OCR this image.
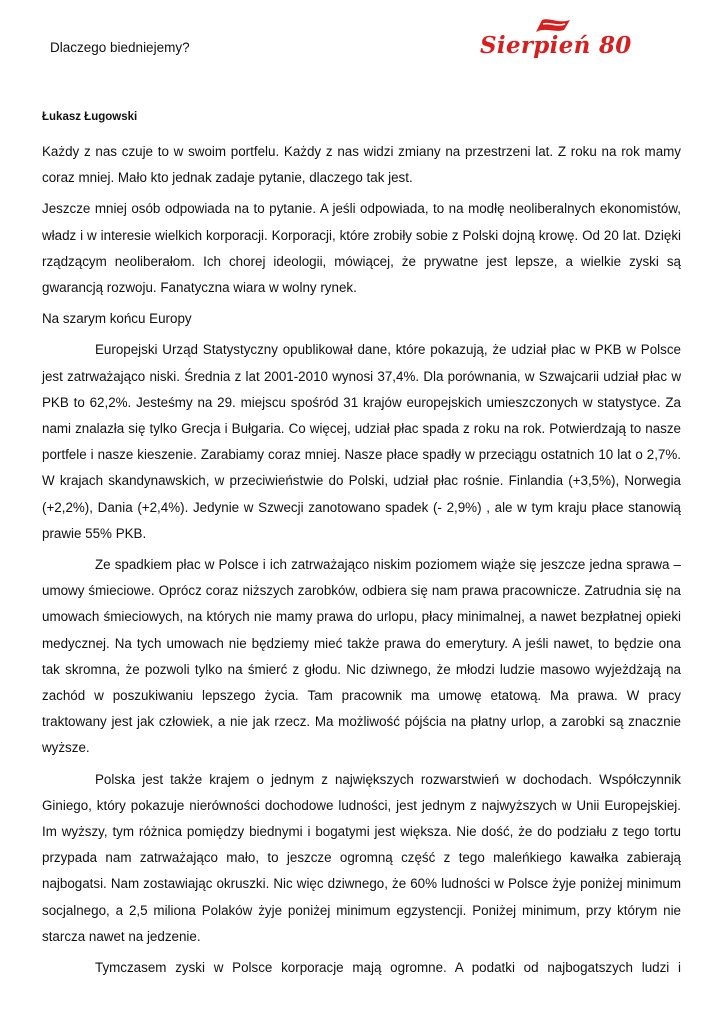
Dlaczego biedniejemy?	Sierpień 80

Łukasz Ługowski

Każdy z nas czuje to w swoim portfelu. Każdy z nas widzi zmiany na przestrzeni lat. Z roku na rok mamy coraz mniej. Mało kto jednak zadaje pytanie, dlaczego tak jest.

Jeszcze mniej osób odpowiada na to pytanie. A jeśli odpowiada, to na modłę neoliberalnych ekonomistów, władz i w interesie wielkich korporacji. Korporacji, które zrobiły sobie z Polski dojną krowę. Od 20 lat. Dzięki rządzącym neoliberałom. Ich chorej ideologii, mówiącej, że prywatne jest lepsze, a wielkie zyski są gwarancją rozwoju. Fanatyczna wiara w wolny rynek.

Na szarym końcu Europy

Europejski Urząd Statystyczny opublikował dane, które pokazują, że udział płac w PKB w Polsce jest zatrważająco niski. Średnia z lat 2001-2010 wynosi 37,4%. Dla porównania, w Szwajcarii udział płac w PKB to 62,2%. Jesteśmy na 29. miejscu spośród 31 krajów europejskich umieszczonych w statystyce. Za nami znalazła się tylko Grecja i Bułgaria. Co więcej, udział płac spada z roku na rok. Potwierdzają to nasze portfele i nasze kieszenie. Zarabiamy coraz mniej. Nasze płace spadły w przeciągu ostatnich 10 lat o 2,7%. W krajach skandynawskich, w przeciwieństwie do Polski, udział płac rośnie. Finlandia (+3,5%), Norwegia (+2,2%), Dania (+2,4%). Jedynie w Szwecji zanotowano spadek (- 2,9%) , ale w tym kraju płace stanowią prawie 55% PKB.

Ze spadkiem płac w Polsce i ich zatrważająco niskim poziomem wiąże się jeszcze jedna sprawa – umowy śmieciowe. Oprócz coraz niższych zarobków, odbiera się nam prawa pracownicze. Zatrudnia się na umowach śmieciowych, na których nie mamy prawa do urlopu, płacy minimalnej, a nawet bezpłatnej opieki medycznej. Na tych umowach nie będziemy mieć także prawa do emerytury. A jeśli nawet, to będzie ona tak skromna, że pozwoli tylko na śmierć z głodu. Nic dziwnego, że młodzi ludzie masowo wyjeżdżają na zachód w poszukiwaniu lepszego życia. Tam pracownik ma umowę etatową. Ma prawa. W pracy traktowany jest jak człowiek, a nie jak rzecz. Ma możliwość pójścia na płatny urlop, a zarobki są znacznie wyższe.

Polska jest także krajem o jednym z największych rozwarstwień w dochodach. Współczynnik Giniego, który pokazuje nierówności dochodowe ludności, jest jednym z najwyższych w Unii Europejskiej. Im wyższy, tym różnica pomiędzy biednymi i bogatymi jest większa. Nie dość, że do podziału z tego tortu przypada nam zatrważająco mało, to jeszcze ogromną część z tego maleńkiego kawałka zabierają najbogatsi. Nam zostawiając okruszki. Nic więc dziwnego, że 60% ludności w Polsce żyje poniżej minimum socjalnego, a 2,5 miliona Polaków żyje poniżej minimum egzystencji. Poniżej minimum, przy którym nie starcza nawet na jedzenie.

Tymczasem zyski w Polsce korporacje mają ogromne. A podatki od najbogatszych ludzi i
